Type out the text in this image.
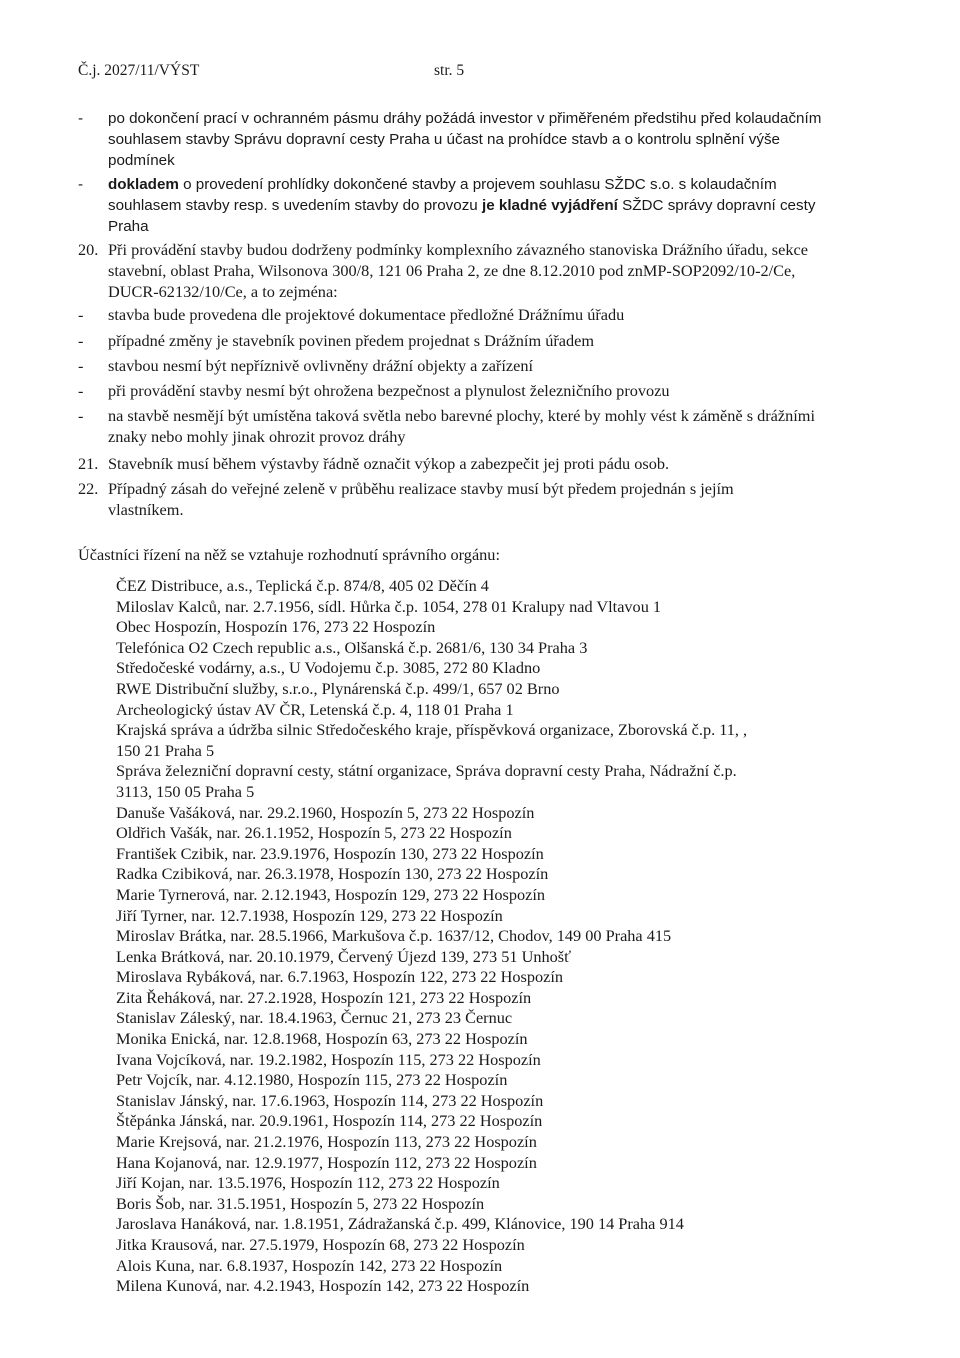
Č.j. 2027/11/VÝST	str. 5
- po dokončení prací v ochranném pásmu dráhy požádá investor v přiměřeném předstihu před kolaudačním souhlasem stavby Správu dopravní cesty Praha u účast na prohídce stavb a o kontrolu splnění výše podmínek
- dokladem o provedení prohlídky dokončené stavby a projevem souhlasu SŽDC s.o. s kolaudačním souhlasem stavby resp. s uvedením stavby do provozu je kladné vyjádření SŽDC správy dopravní cesty Praha
20. Při provádění stavby budou dodrženy podmínky komplexního závazného stanoviska Drážního úřadu, sekce stavební, oblast Praha, Wilsonova 300/8, 121 06 Praha 2, ze dne 8.12.2010 pod znMP-SOP2092/10-2/Ce, DUCR-62132/10/Ce, a to zejména:
- stavba bude provedena dle projektové dokumentace předložné Drážnímu úřadu
- případné změny je stavebník povinen předem projednat s Drážním úřadem
- stavbou nesmí být nepříznivě ovlivněny drážní objekty a zařízení
- při provádění stavby nesmí být ohrožena bezpečnost a plynulost železničního provozu
- na stavbě nesmějí být umístěna taková světla nebo barevné plochy, které by mohly vést k záměně s drážními znaky nebo mohly jinak ohrozit provoz dráhy
21. Stavebník musí během výstavby řádně označit výkop a zabezpečit jej proti pádu osob.
22. Případný zásah do veřejné zeleně v průběhu realizace stavby musí být předem projednán s jejím vlastníkem.
Účastníci řízení na něž se vztahuje rozhodnutí správního orgánu:
ČEZ Distribuce, a.s., Teplická č.p. 874/8, 405 02 Děčín 4
Miloslav Kalců, nar. 2.7.1956, sídl. Hůrka č.p. 1054, 278 01 Kralupy nad Vltavou 1
Obec Hospozín, Hospozín 176, 273 22 Hospozín
Telefónica O2 Czech republic a.s., Olšanská č.p. 2681/6, 130 34 Praha 3
Středočeské vodárny, a.s., U Vodojemu č.p. 3085, 272 80 Kladno
RWE Distribuční služby, s.r.o., Plynárenská č.p. 499/1, 657 02 Brno
Archeologický ústav AV ČR, Letenská č.p. 4, 118 01 Praha 1
Krajská správa a údržba silnic Středočeského kraje, příspěvková organizace, Zborovská č.p. 11, ,
150 21 Praha 5
Správa železniční dopravní cesty, státní organizace, Správa dopravní cesty Praha, Nádražní č.p.
3113, 150 05 Praha 5
Danuše Vašáková, nar. 29.2.1960, Hospozín 5, 273 22 Hospozín
Oldřich Vašák, nar. 26.1.1952, Hospozín 5, 273 22 Hospozín
František Czibik, nar. 23.9.1976, Hospozín 130, 273 22 Hospozín
Radka Czibiková, nar. 26.3.1978, Hospozín 130, 273 22 Hospozín
Marie Tyrnerová, nar. 2.12.1943, Hospozín 129, 273 22 Hospozín
Jiří Tyrner, nar. 12.7.1938, Hospozín 129, 273 22 Hospozín
Miroslav Brátka, nar. 28.5.1966, Markušova č.p. 1637/12, Chodov, 149 00 Praha 415
Lenka Brátková, nar. 20.10.1979, Červený Újezd 139, 273 51 Unhošť
Miroslava Rybáková, nar. 6.7.1963, Hospozín 122, 273 22 Hospozín
Zita Řeháková, nar. 27.2.1928, Hospozín 121, 273 22 Hospozín
Stanislav Záleský, nar. 18.4.1963, Černuc 21, 273 23 Černuc
Monika Enická, nar. 12.8.1968, Hospozín 63, 273 22 Hospozín
Ivana Vojcíková, nar. 19.2.1982, Hospozín 115, 273 22 Hospozín
Petr Vojcík, nar. 4.12.1980, Hospozín 115, 273 22 Hospozín
Stanislav Jánský, nar. 17.6.1963, Hospozín 114, 273 22 Hospozín
Štěpánka Jánská, nar. 20.9.1961, Hospozín 114, 273 22 Hospozín
Marie Krejsová, nar. 21.2.1976, Hospozín 113, 273 22 Hospozín
Hana Kojanová, nar. 12.9.1977, Hospozín 112, 273 22 Hospozín
Jiří Kojan, nar. 13.5.1976, Hospozín 112, 273 22 Hospozín
Boris Šob, nar. 31.5.1951, Hospozín 5, 273 22 Hospozín
Jaroslava Hanáková, nar. 1.8.1951, Zádražanská č.p. 499, Klánovice, 190 14 Praha 914
Jitka Krausová, nar. 27.5.1979, Hospozín 68, 273 22 Hospozín
Alois Kuna, nar. 6.8.1937, Hospozín 142, 273 22 Hospozín
Milena Kunová, nar. 4.2.1943, Hospozín 142, 273 22 Hospozín
